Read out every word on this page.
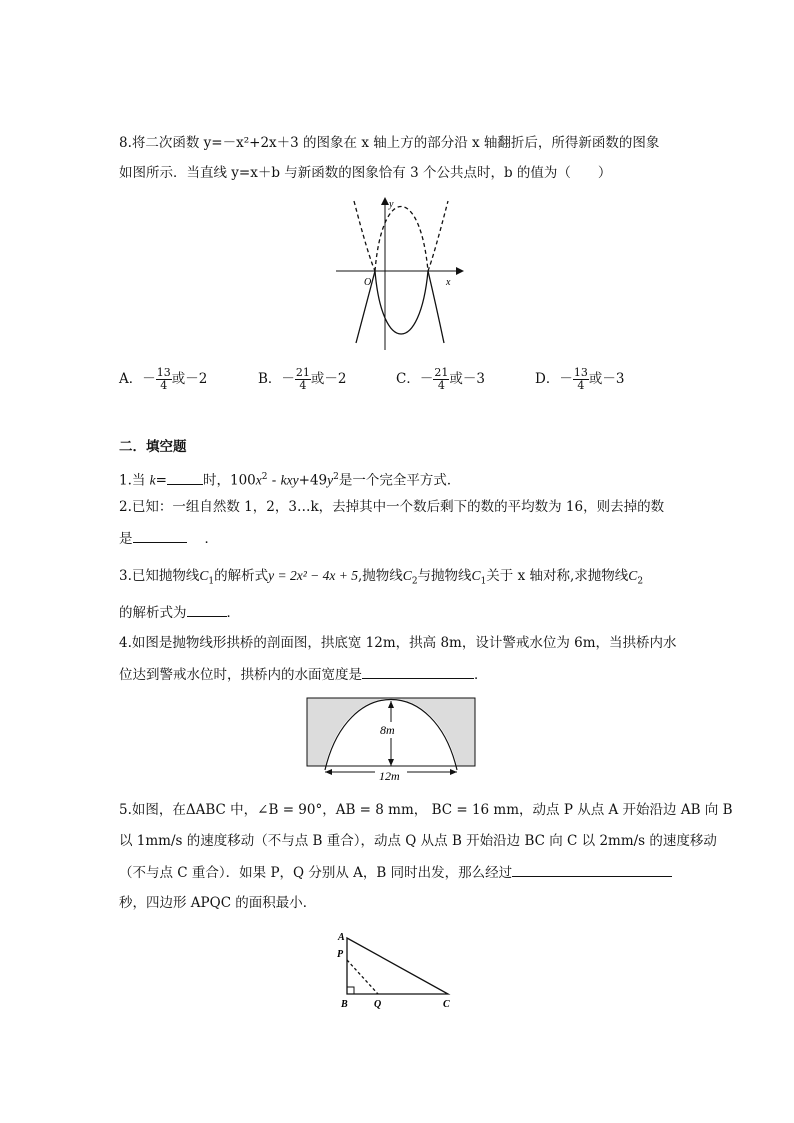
8.将二次函数 y=－x²+2x＋3 的图象在 x 轴上方的部分沿 x 轴翻折后，所得新函数的图象
如图所示．当直线 y=x＋b 与新函数的图象恰有 3 个公共点时，b 的值为（　　）
O	x
y
A．－ $\frac{13}{4}$ 或－2	B．－ $\frac{21}{4}$ 或－2	C．－ $\frac{21}{4}$ 或－3	D．－ $\frac{13}{4}$ 或－3
二．填空题
1.当 k=	时，$100x^2 - kxy+49y^2$是一个完全平方式．
2.已知：一组自然数 1，2，3…k，去掉其中一个数后剩下的数的平均数为 16，则去掉的数
是	．
3.已知抛物线$C_1$的解析式y = 2x² − 4x + 5,抛物线$C_2$与抛物线$C_1$关于 x 轴对称,求抛物线$C_2$
的解析式为	．
4.如图是抛物线形拱桥的剖面图，拱底宽 12m，拱高 8m，设计警戒水位为 6m，当拱桥内水
位达到警戒水位时，拱桥内的水面宽度是	．
8m
12m
5.如图，在ΔABC 中，∠B = 90°，AB = 8 mm， BC = 16 mm，动点 P 从点 A 开始沿边 AB 向 B
以 1mm/s 的速度移动（不与点 B 重合），动点 Q 从点 B 开始沿边 BC 向 C 以 2mm/s 的速度移动
（不与点 C 重合）．如果 P，Q 分别从 A，B 同时出发，那么经过
秒，四边形 APQC 的面积最小．
A
P
B	Q	C
